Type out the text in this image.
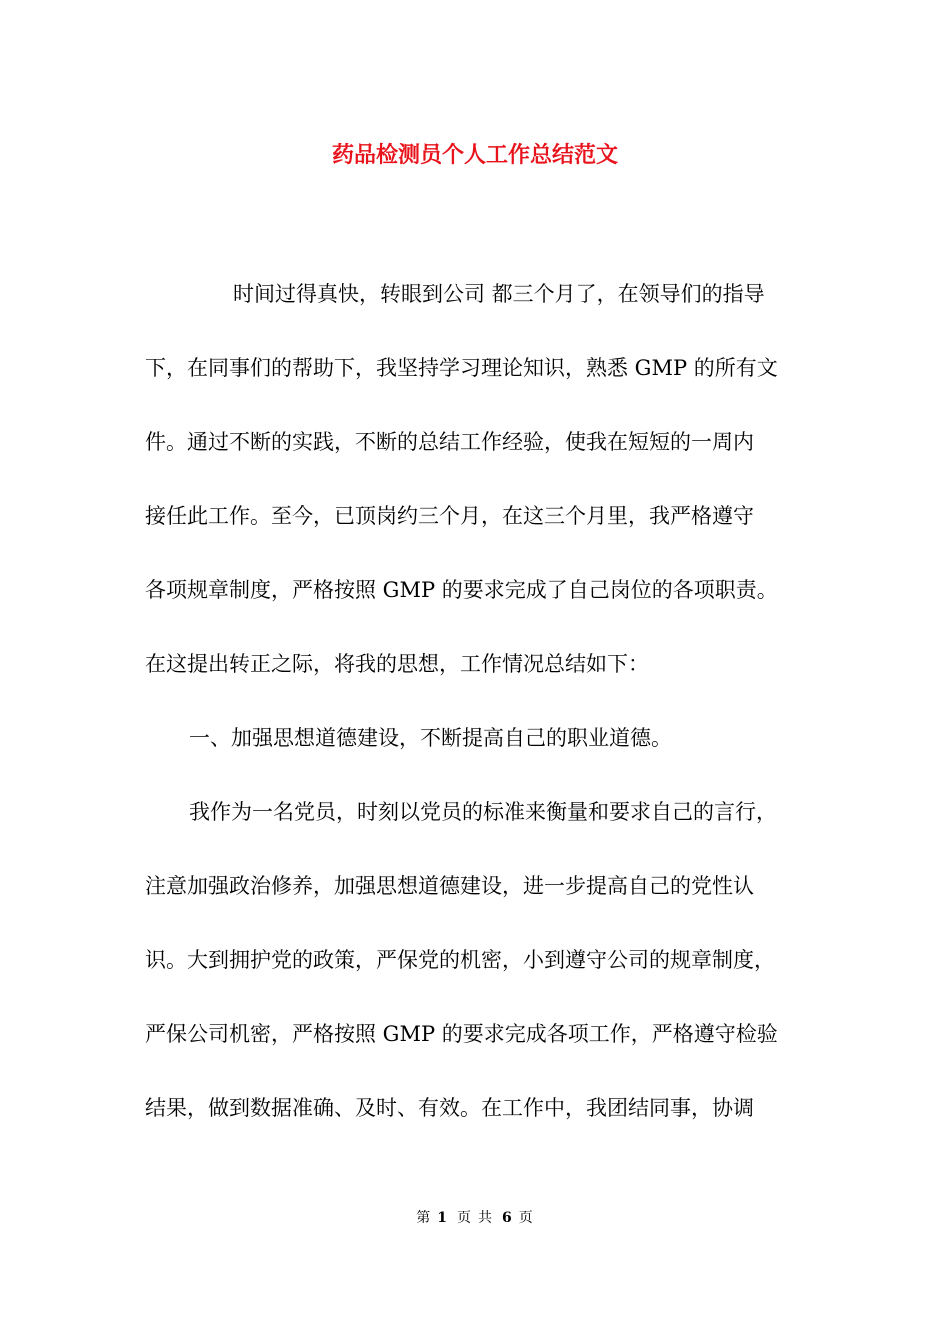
药品检测员个人工作总结范文
时间过得真快，转眼到公司 都三个月了，在领导们的指导
下，在同事们的帮助下，我坚持学习理论知识，熟悉 GMP 的所有文
件。通过不断的实践，不断的总结工作经验，使我在短短的一周内
接任此工作。至今，已顶岗约三个月，在这三个月里，我严格遵守
各项规章制度，严格按照 GMP 的要求完成了自己岗位的各项职责。
在这提出转正之际，将我的思想，工作情况总结如下：
一、加强思想道德建设，不断提高自己的职业道德。
我作为一名党员，时刻以党员的标准来衡量和要求自己的言行，
注意加强政治修养，加强思想道德建设，进一步提高自己的党性认
识。大到拥护党的政策，严保党的机密，小到遵守公司的规章制度，
严保公司机密，严格按照 GMP 的要求完成各项工作，严格遵守检验
结果，做到数据准确、及时、有效。在工作中，我团结同事，协调
第 1 页 共 6 页
